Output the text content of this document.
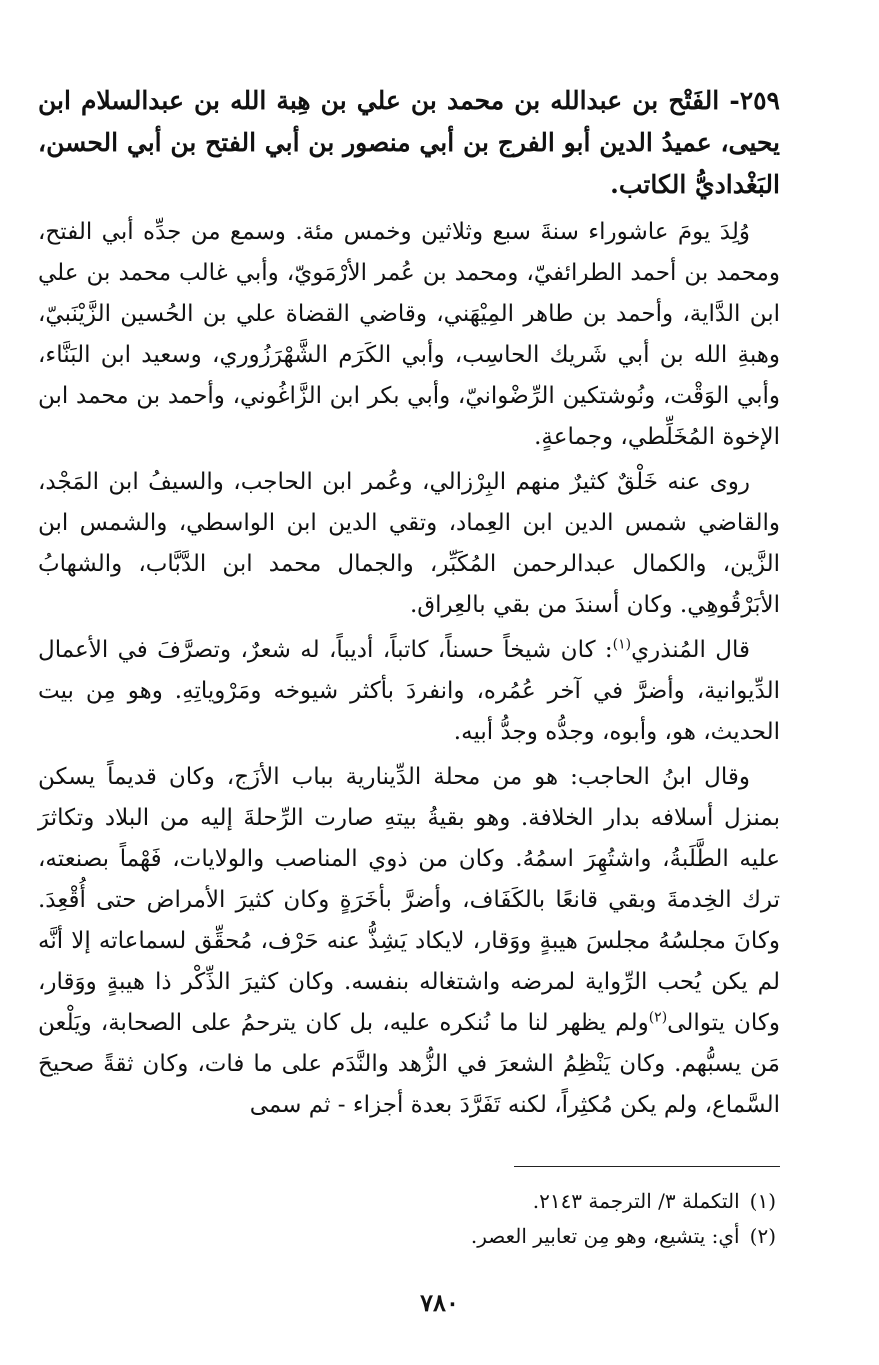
٢٥٩- الفَتْح بن عبدالله بن محمد بن علي بن هِبة الله بن عبدالسلام ابن يحيى، عميدُ الدين أبو الفرج بن أبي منصور بن أبي الفتح بن أبي الحسن، البَغْداديُّ الكاتب.

وُلِدَ يومَ عاشوراء سنةَ سبع وثلاثين وخمس مئة. وسمع من جدِّه أبي الفتح، ومحمد بن أحمد الطرائفيّ، ومحمد بن عُمر الأرْمَويّ، وأبي غالب محمد بن علي ابن الدَّاية، وأحمد بن طاهر المِيْهَني، وقاضي القضاة علي بن الحُسين الزَّيْنَبيّ، وهبةِ الله بن أبي شَريك الحاسِب، وأبي الكَرَم الشَّهْرَزُوري، وسعيد ابن البَنَّاء، وأبي الوَقْت، ونُوشتكين الرِّضْوانيّ، وأبي بكر ابن الزَّاغُوني، وأحمد بن محمد ابن الإخوة المُخَلِّطي، وجماعةٍ.

روى عنه خَلْقٌ كثيرٌ منهم البِرْزالي، وعُمر ابن الحاجب، والسيفُ ابن المَجْد، والقاضي شمس الدين ابن العِماد، وتقي الدين ابن الواسطي، والشمس ابن الزَّين، والكمال عبدالرحمن المُكَبِّر، والجمال محمد ابن الدَّبَّاب، والشهابُ الأبَرْقُوهِي. وكان أسندَ من بقي بالعِراق.

قال المُنذري$^{(١)}$: كان شيخاً حسناً، كاتباً، أديباً، له شعرٌ، وتصرَّفَ في الأعمال الدِّيوانية، وأضرَّ في آخر عُمُره، وانفردَ بأكثر شيوخه ومَرْوياتِهِ. وهو مِن بيت الحديث، هو، وأبوه، وجدُّه وجدُّ أبيه.

وقال ابنُ الحاجب: هو من محلة الدِّينارية بباب الأزَج، وكان قديماً يسكن بمنزل أسلافه بدار الخلافة. وهو بقيةُ بيتهِ صارت الرِّحلةَ إليه من البلاد وتكاثرَ عليه الطَّلَبةُ، واشتُهِرَ اسمُهُ. وكان من ذوي المناصب والولايات، فَهْماً بصنعته، ترك الخِدمةَ وبقي قانعًا بالكَفَاف، وأضرَّ بأخَرَةٍ وكان كثيرَ الأمراض حتى أُقْعِدَ. وكانَ مجلسُهُ مجلسَ هيبةٍ ووَقار، لايكاد يَشِذُّ عنه حَرْف، مُحقِّق لسماعاته إلا أنَّه لم يكن يُحب الرِّواية لمرضه واشتغاله بنفسه. وكان كثيرَ الذِّكْر ذا هيبةٍ ووَقار، وكان يتوالى$^{(٢)}$ولم يظهر لنا ما نُنكره عليه، بل كان يترحمُ على الصحابة، ويَلْعن مَن يسبُّهم. وكان يَنْظِمُ الشعرَ في الزُّهد والنَّدَم على ما فات، وكان ثقةً صحيحَ السَّماع، ولم يكن مُكثِراً، لكنه تَفَرَّدَ بعدة أجزاء - ثم سمى

(١)التكملة ٣/ الترجمة ٢١٤٣.

(٢)أي: يتشيع، وهو مِن تعابير العصر.

٧٨٠
